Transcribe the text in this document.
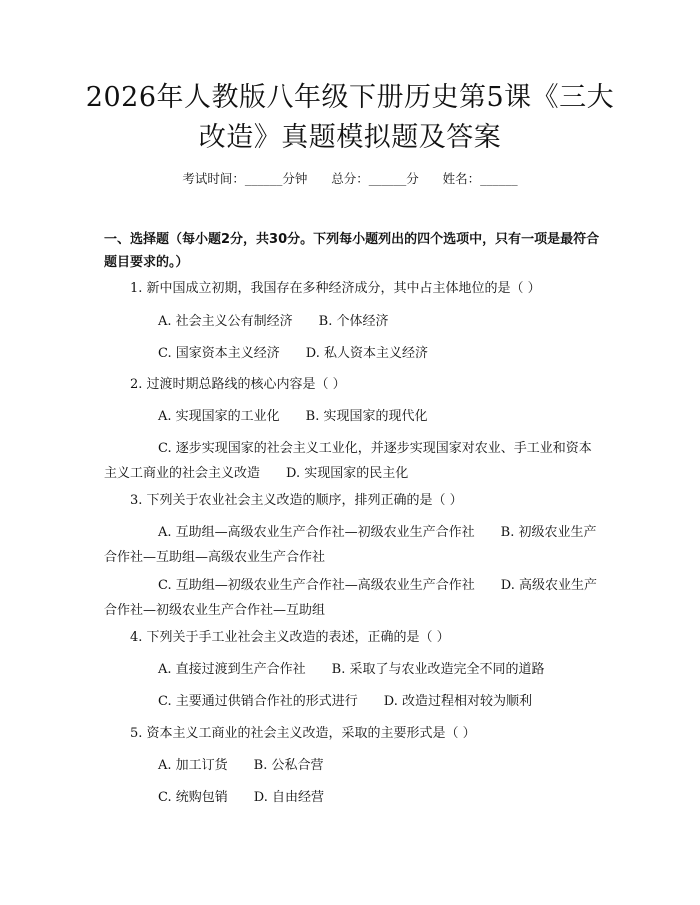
2026年人教版八年级下册历史第5课《三大
改造》真题模拟题及答案
考试时间：______分钟      总分：______分      姓名：______
一、选择题（每小题2分，共30分。下列每小题列出的四个选项中，只有一项是最符合题目要求的。）
1. 新中国成立初期，我国存在多种经济成分，其中占主体地位的是（ ）
A. 社会主义公有制经济 B. 个体经济
C. 国家资本主义经济 D. 私人资本主义经济
2. 过渡时期总路线的核心内容是（ ）
A. 实现国家的工业化 B. 实现国家的现代化
C. 逐步实现国家的社会主义工业化，并逐步实现国家对农业、手工业和资本主义工商业的社会主义改造 D. 实现国家的民主化
3. 下列关于农业社会主义改造的顺序，排列正确的是（ ）
A. 互助组—高级农业生产合作社—初级农业生产合作社 B. 初级农业生产合作社—互助组—高级农业生产合作社
C. 互助组—初级农业生产合作社—高级农业生产合作社 D. 高级农业生产合作社—初级农业生产合作社—互助组
4. 下列关于手工业社会主义改造的表述，正确的是（ ）
A. 直接过渡到生产合作社 B. 采取了与农业改造完全不同的道路
C. 主要通过供销合作社的形式进行 D. 改造过程相对较为顺利
5. 资本主义工商业的社会主义改造，采取的主要形式是（ ）
A. 加工订货 B. 公私合营
C. 统购包销 D. 自由经营
